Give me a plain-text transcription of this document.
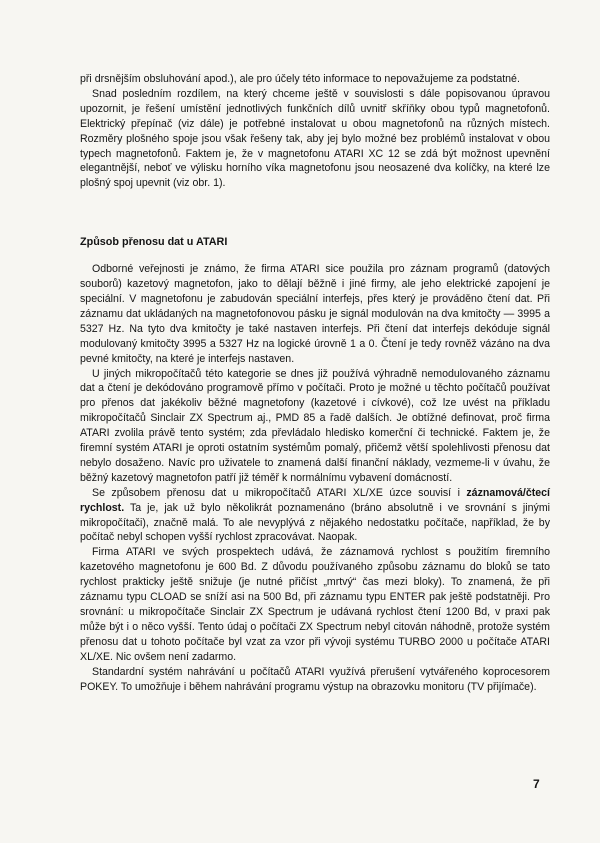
při drsnějším obsluhování apod.), ale pro účely této informace to nepovažujeme za podstatné.

Snad posledním rozdílem, na který chceme ještě v souvislosti s dále popisovanou úpravou upozornit, je řešení umístění jednotlivých funkčních dílů uvnitř skříňky obou typů magnetofonů. Elektrický přepínač (viz dále) je potřebné instalovat u obou magnetofonů na různých místech. Rozměry plošného spoje jsou však řešeny tak, aby jej bylo možné bez problémů instalovat v obou typech magnetofonů. Faktem je, že v magnetofonu ATARI XC 12 se zdá být možnost upevnění elegantnější, neboť ve výlisku horního víka magnetofonu jsou neosazené dva kolíčky, na které lze plošný spoj upevnit (viz obr. 1).

Způsob přenosu dat u ATARI

Odborné veřejnosti je známo, že firma ATARI sice použila pro záznam programů (datových souborů) kazetový magnetofon, jako to dělají běžně i jiné firmy, ale jeho elektrické zapojení je speciální. V magnetofonu je zabudován speciální interfejs, přes který je prováděno čtení dat. Při záznamu dat ukládaných na magnetofonovou pásku je signál modulován na dva kmitočty — 3995 a 5327 Hz. Na tyto dva kmitočty je také nastaven interfejs. Při čtení dat interfejs dekóduje signál modulovaný kmitočty 3995 a 5327 Hz na logické úrovně 1 a 0. Čtení je tedy rovněž vázáno na dva pevné kmitočty, na které je interfejs nastaven.

U jiných mikropočítačů této kategorie se dnes již používá výhradně nemodulovaného záznamu dat a čtení je dekódováno programově přímo v počítači. Proto je možné u těchto počítačů používat pro přenos dat jakékoliv běžné magnetofony (kazetové i cívkové), což lze uvést na příkladu mikropočítačů Sinclair ZX Spectrum aj., PMD 85 a řadě dalších. Je obtížné definovat, proč firma ATARI zvolila právě tento systém; zda převládalo hledisko komerční či technické. Faktem je, že firemní systém ATARI je oproti ostatním systémům pomalý, přičemž větší spolehlivosti přenosu dat nebylo dosaženo. Navíc pro uživatele to znamená další finanční náklady, vezmeme-li v úvahu, že běžný kazetový magnetofon patří již téměř k normálnímu vybavení domácností.

Se způsobem přenosu dat u mikropočítačů ATARI XL/XE úzce souvisí i záznamová/čtecí rychlost. Ta je, jak už bylo několikrát poznamenáno (bráno absolutně i ve srovnání s jinými mikropočítači), značně malá. To ale nevyplývá z nějakého nedostatku počítače, například, že by počítač nebyl schopen vyšší rychlost zpracovávat. Naopak.

Firma ATARI ve svých prospektech udává, že záznamová rychlost s použitím firemního kazetového magnetofonu je 600 Bd. Z důvodu používaného způsobu záznamu do bloků se tato rychlost prakticky ještě snižuje (je nutné přičíst „mrtvý“ čas mezi bloky). To znamená, že při záznamu typu CLOAD se sníží asi na 500 Bd, při záznamu typu ENTER pak ještě podstatněji. Pro srovnání: u mikropočítače Sinclair ZX Spectrum je udávaná rychlost čtení 1200 Bd, v praxi pak může být i o něco vyšší. Tento údaj o počítači ZX Spectrum nebyl citován náhodně, protože systém přenosu dat u tohoto počítače byl vzat za vzor při vývoji systému TURBO 2000 u počítače ATARI XL/XE. Nic ovšem není zadarmo.

Standardní systém nahrávání u počítačů ATARI využívá přerušení vytvářeného koprocesorem POKEY. To umožňuje i během nahrávání programu výstup na obrazovku monitoru (TV přijímače).

7
